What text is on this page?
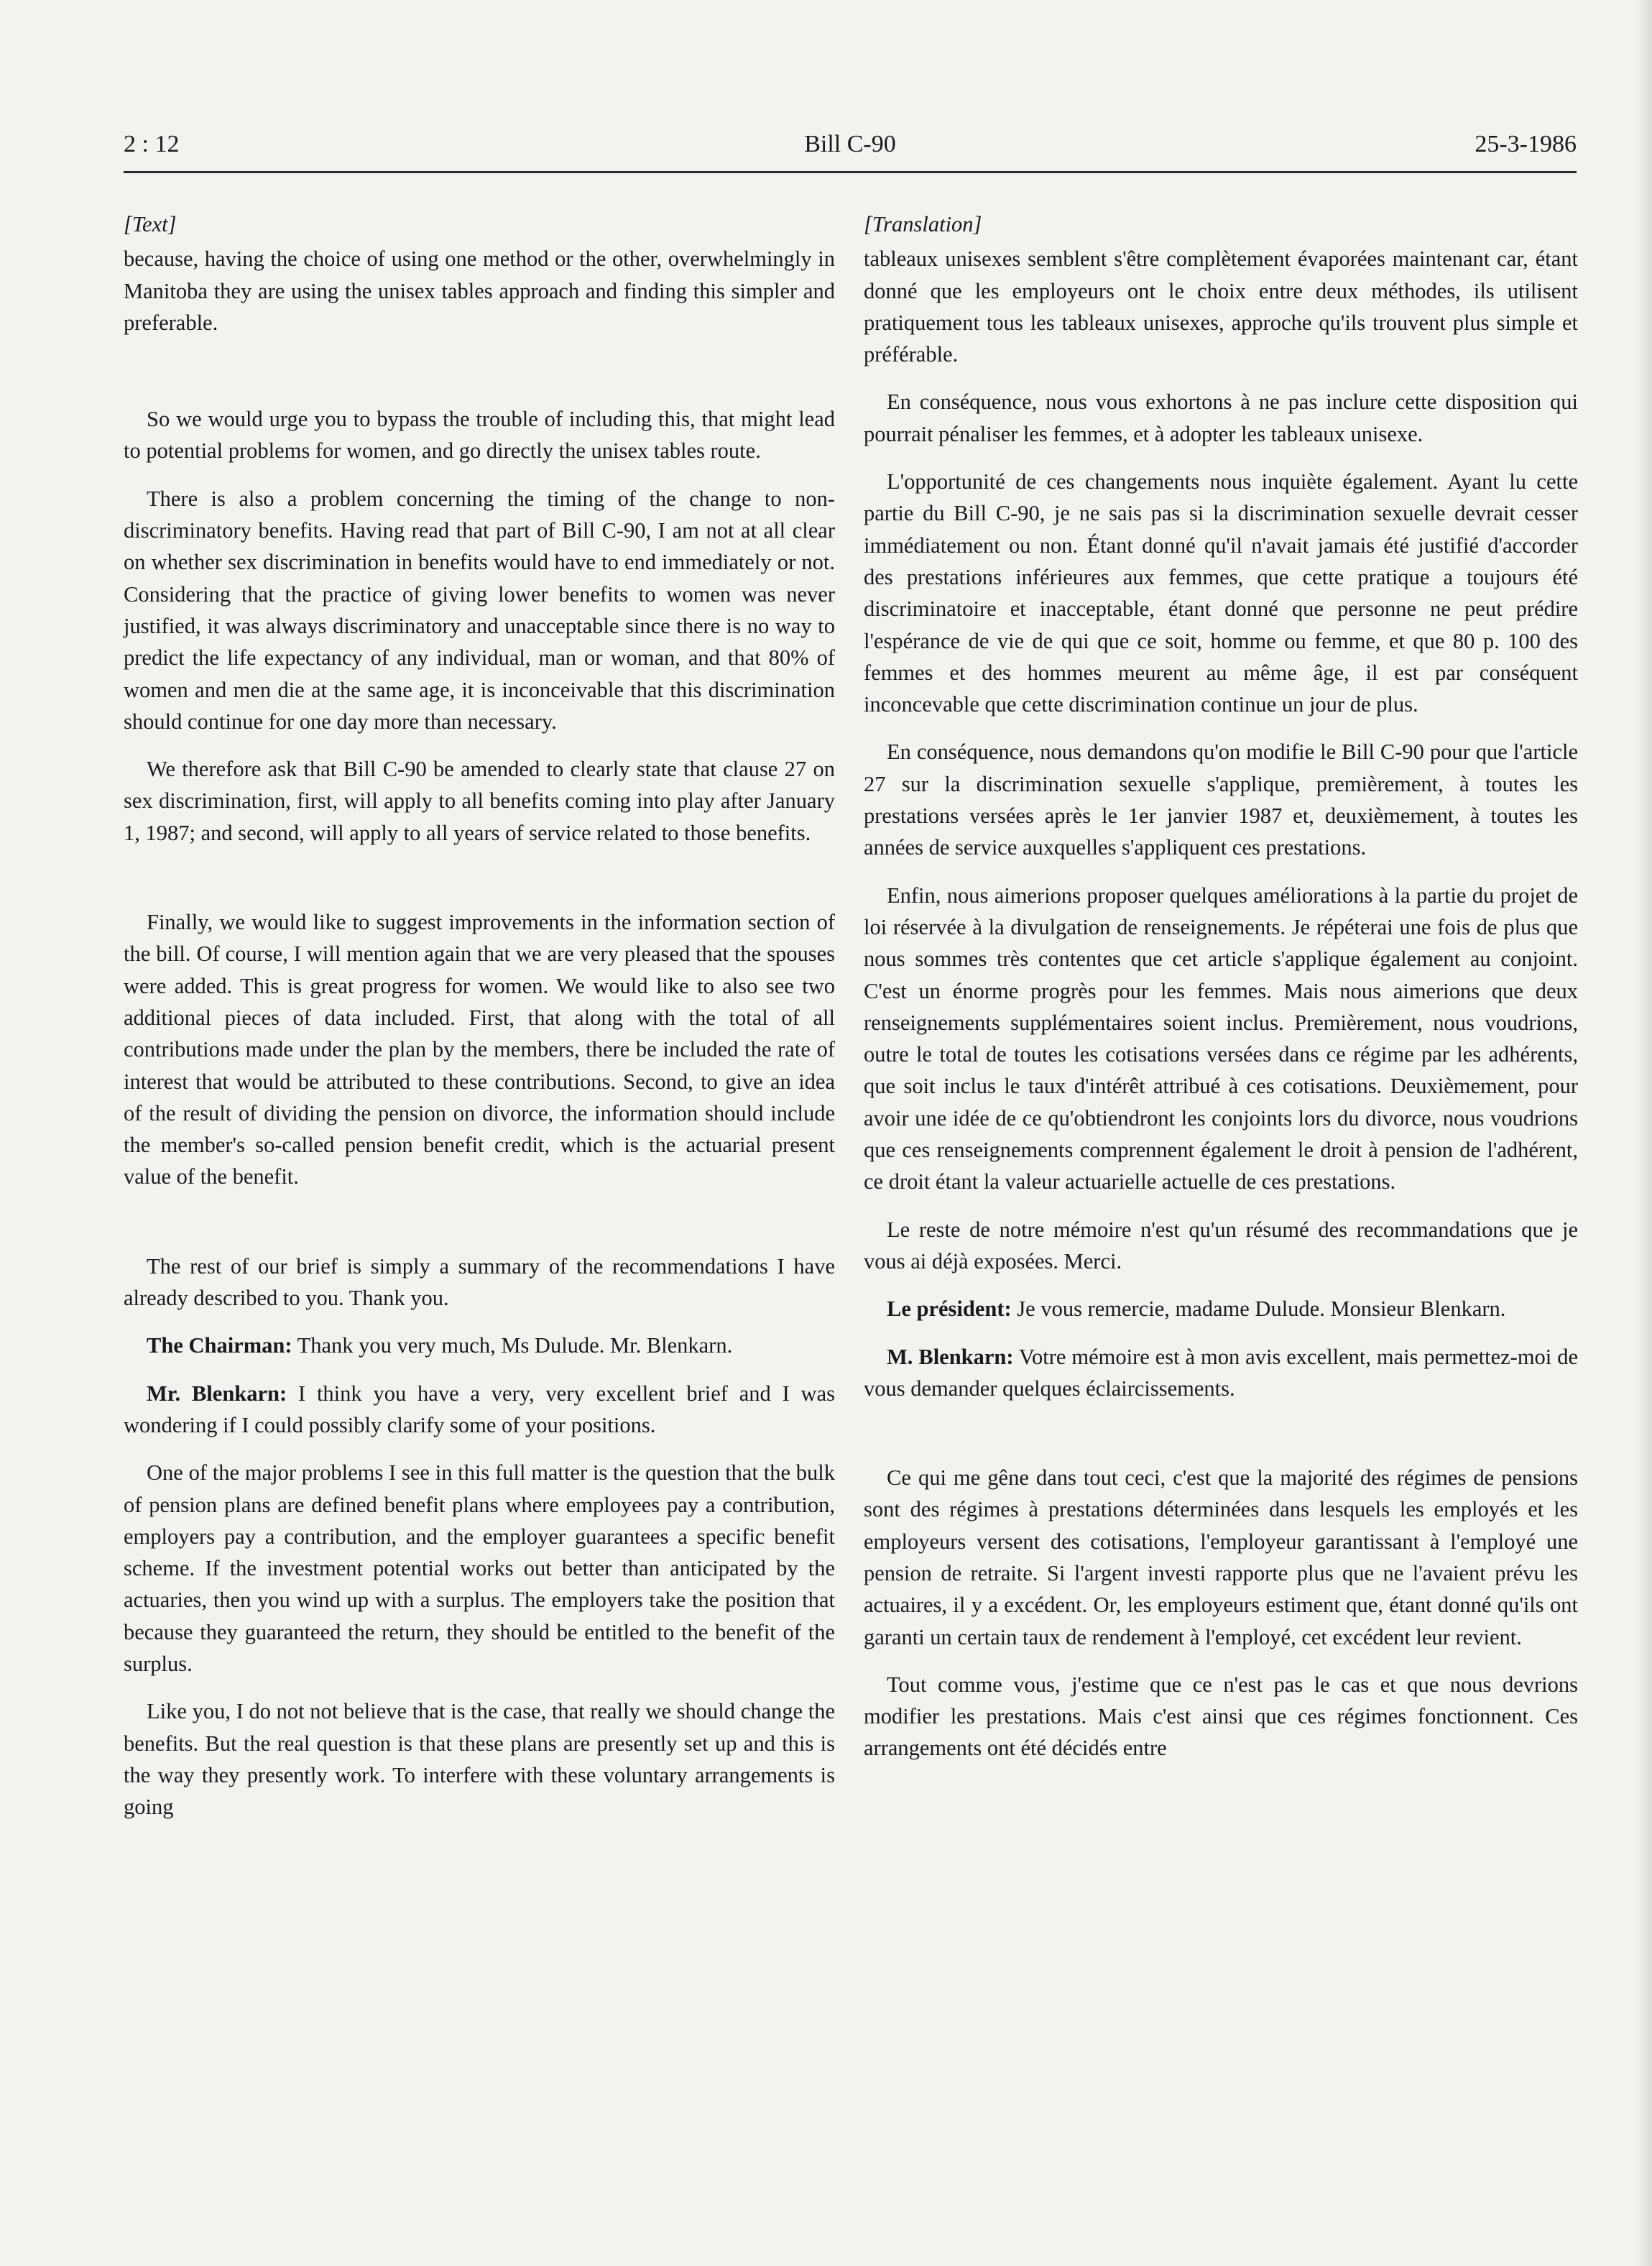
2 : 12	Bill C-90	25-3-1986

[Text]

because, having the choice of using one method or the other, overwhelmingly in Manitoba they are using the unisex tables approach and finding this simpler and preferable.

So we would urge you to bypass the trouble of including this, that might lead to potential problems for women, and go directly the unisex tables route.

There is also a problem concerning the timing of the change to non-discriminatory benefits. Having read that part of Bill C-90, I am not at all clear on whether sex discrimination in benefits would have to end immediately or not. Considering that the practice of giving lower benefits to women was never justified, it was always discriminatory and unacceptable since there is no way to predict the life expectancy of any individual, man or woman, and that 80% of women and men die at the same age, it is inconceivable that this discrimination should continue for one day more than necessary.

We therefore ask that Bill C-90 be amended to clearly state that clause 27 on sex discrimination, first, will apply to all benefits coming into play after January 1, 1987; and second, will apply to all years of service related to those benefits.

Finally, we would like to suggest improvements in the information section of the bill. Of course, I will mention again that we are very pleased that the spouses were added. This is great progress for women. We would like to also see two additional pieces of data included. First, that along with the total of all contributions made under the plan by the members, there be included the rate of interest that would be attributed to these contributions. Second, to give an idea of the result of dividing the pension on divorce, the information should include the member's so-called pension benefit credit, which is the actuarial present value of the benefit.

The rest of our brief is simply a summary of the recommendations I have already described to you. Thank you.

The Chairman: Thank you very much, Ms Dulude. Mr. Blenkarn.

Mr. Blenkarn: I think you have a very, very excellent brief and I was wondering if I could possibly clarify some of your positions.

One of the major problems I see in this full matter is the question that the bulk of pension plans are defined benefit plans where employees pay a contribution, employers pay a contribution, and the employer guarantees a specific benefit scheme. If the investment potential works out better than anticipated by the actuaries, then you wind up with a surplus. The employers take the position that because they guaranteed the return, they should be entitled to the benefit of the surplus.

Like you, I do not not believe that is the case, that really we should change the benefits. But the real question is that these plans are presently set up and this is the way they presently work. To interfere with these voluntary arrangements is going

[Translation]

tableaux unisexes semblent s'être complètement évaporées maintenant car, étant donné que les employeurs ont le choix entre deux méthodes, ils utilisent pratiquement tous les tableaux unisexes, approche qu'ils trouvent plus simple et préférable.

En conséquence, nous vous exhortons à ne pas inclure cette disposition qui pourrait pénaliser les femmes, et à adopter les tableaux unisexe.

L'opportunité de ces changements nous inquiète également. Ayant lu cette partie du Bill C-90, je ne sais pas si la discrimination sexuelle devrait cesser immédiatement ou non. Étant donné qu'il n'avait jamais été justifié d'accorder des prestations inférieures aux femmes, que cette pratique a toujours été discriminatoire et inacceptable, étant donné que personne ne peut prédire l'espérance de vie de qui que ce soit, homme ou femme, et que 80 p. 100 des femmes et des hommes meurent au même âge, il est par conséquent inconcevable que cette discrimination continue un jour de plus.

En conséquence, nous demandons qu'on modifie le Bill C-90 pour que l'article 27 sur la discrimination sexuelle s'applique, premièrement, à toutes les prestations versées après le 1er janvier 1987 et, deuxièmement, à toutes les années de service auxquelles s'appliquent ces prestations.

Enfin, nous aimerions proposer quelques améliorations à la partie du projet de loi réservée à la divulgation de renseignements. Je répéterai une fois de plus que nous sommes très contentes que cet article s'applique également au conjoint. C'est un énorme progrès pour les femmes. Mais nous aimerions que deux renseignements supplémentaires soient inclus. Premièrement, nous voudrions, outre le total de toutes les cotisations versées dans ce régime par les adhérents, que soit inclus le taux d'intérêt attribué à ces cotisations. Deuxièmement, pour avoir une idée de ce qu'obtiendront les conjoints lors du divorce, nous voudrions que ces renseignements comprennent également le droit à pension de l'adhérent, ce droit étant la valeur actuarielle actuelle de ces prestations.

Le reste de notre mémoire n'est qu'un résumé des recommandations que je vous ai déjà exposées. Merci.

Le président: Je vous remercie, madame Dulude. Monsieur Blenkarn.

M. Blenkarn: Votre mémoire est à mon avis excellent, mais permettez-moi de vous demander quelques éclaircissements.

Ce qui me gêne dans tout ceci, c'est que la majorité des régimes de pensions sont des régimes à prestations déterminées dans lesquels les employés et les employeurs versent des cotisations, l'employeur garantissant à l'employé une pension de retraite. Si l'argent investi rapporte plus que ne l'avaient prévu les actuaires, il y a excédent. Or, les employeurs estiment que, étant donné qu'ils ont garanti un certain taux de rendement à l'employé, cet excédent leur revient.

Tout comme vous, j'estime que ce n'est pas le cas et que nous devrions modifier les prestations. Mais c'est ainsi que ces régimes fonctionnent. Ces arrangements ont été décidés entre
